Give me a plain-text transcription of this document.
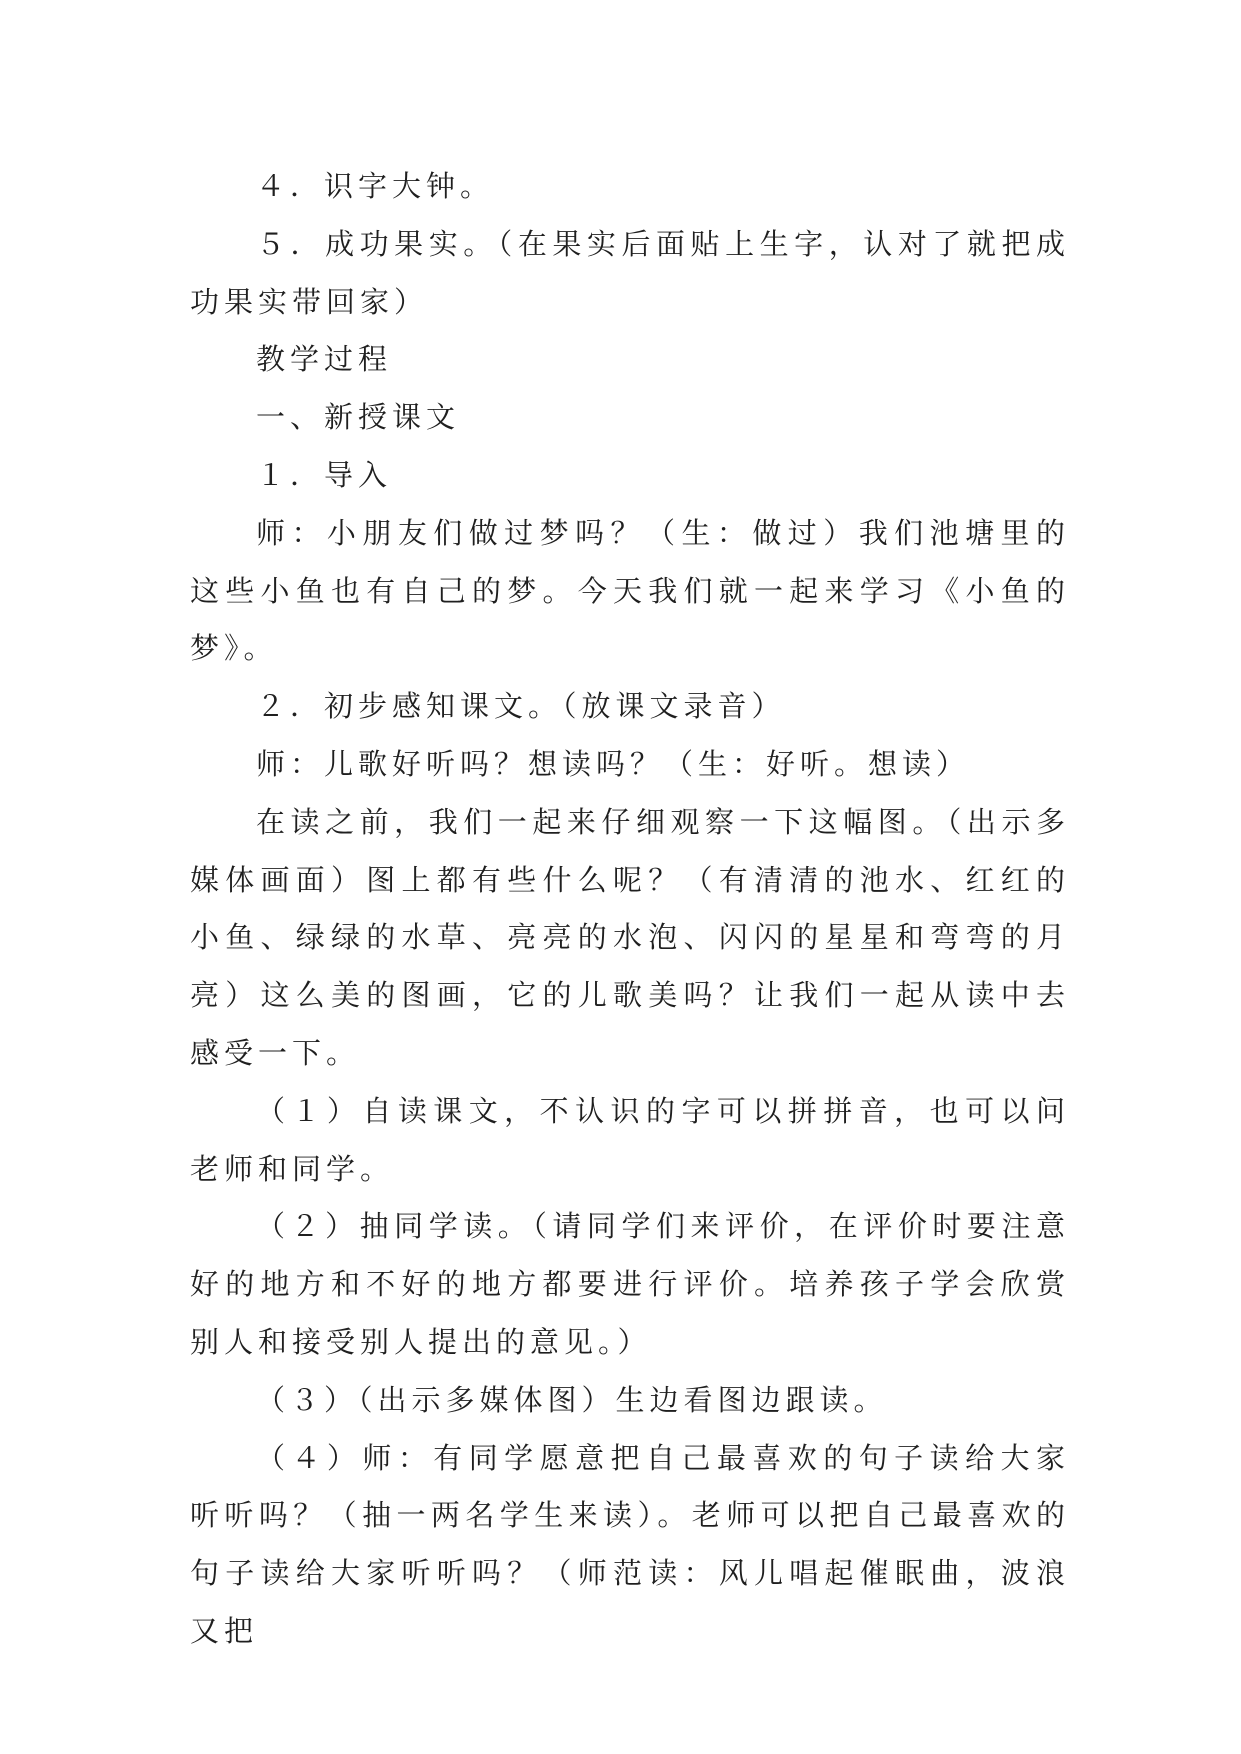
４．识字大钟。

５．成功果实。（在果实后面贴上生字，认对了就把成功果实带回家）

教学过程

一、新授课文

１．导入

师：小朋友们做过梦吗？（生：做过）我们池塘里的这些小鱼也有自己的梦。今天我们就一起来学习《小鱼的梦》。

２．初步感知课文。（放课文录音）

师：儿歌好听吗？想读吗？（生：好听。想读）

在读之前，我们一起来仔细观察一下这幅图。（出示多媒体画面）图上都有些什么呢？（有清清的池水、红红的小鱼、绿绿的水草、亮亮的水泡、闪闪的星星和弯弯的月亮）这么美的图画，它的儿歌美吗？让我们一起从读中去感受一下。

（１）自读课文，不认识的字可以拼拼音，也可以问老师和同学。

（２）抽同学读。（请同学们来评价，在评价时要注意好的地方和不好的地方都要进行评价。培养孩子学会欣赏别人和接受别人提出的意见。）

（３）（出示多媒体图）生边看图边跟读。

（４）师：有同学愿意把自己最喜欢的句子读给大家听听吗？（抽一两名学生来读）。老师可以把自己最喜欢的句子读给大家听听吗？（师范读：风儿唱起催眠曲，波浪又把
